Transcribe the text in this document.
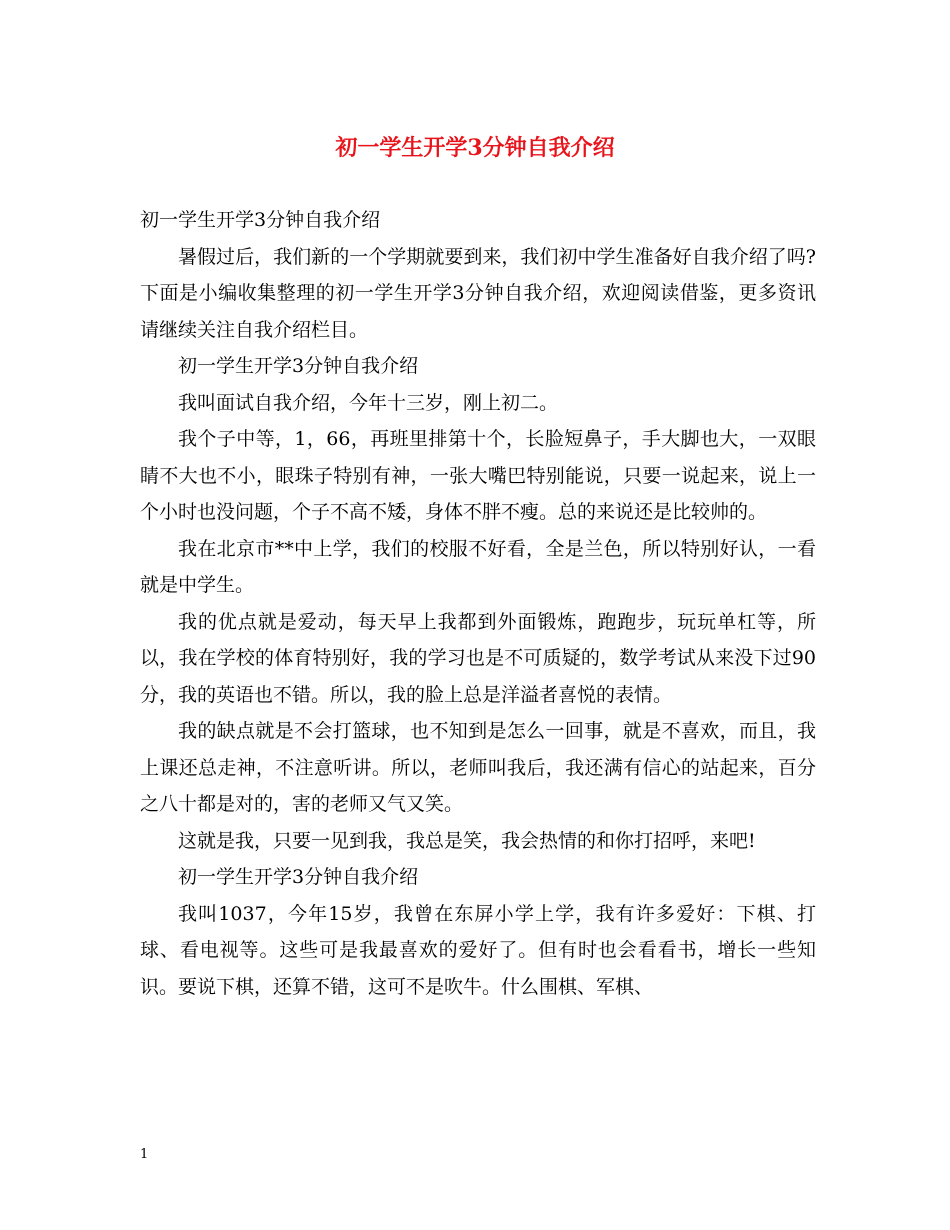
初一学生开学3分钟自我介绍

初一学生开学3分钟自我介绍

暑假过后，我们新的一个学期就要到来，我们初中学生准备好自我介绍了吗?下面是小编收集整理的初一学生开学3分钟自我介绍，欢迎阅读借鉴，更多资讯请继续关注自我介绍栏目。

初一学生开学3分钟自我介绍

我叫面试自我介绍，今年十三岁，刚上初二。

我个子中等，1，66，再班里排第十个，长脸短鼻子，手大脚也大，一双眼睛不大也不小，眼珠子特别有神，一张大嘴巴特别能说，只要一说起来，说上一个小时也没问题，个子不高不矮，身体不胖不瘦。总的来说还是比较帅的。

我在北京市**中上学，我们的校服不好看，全是兰色，所以特别好认，一看就是中学生。

我的优点就是爱动，每天早上我都到外面锻炼，跑跑步，玩玩单杠等，所以，我在学校的体育特别好，我的学习也是不可质疑的，数学考试从来没下过90分，我的英语也不错。所以，我的脸上总是洋溢者喜悦的表情。

我的缺点就是不会打篮球，也不知到是怎么一回事，就是不喜欢，而且，我上课还总走神，不注意听讲。所以，老师叫我后，我还满有信心的站起来，百分之八十都是对的，害的老师又气又笑。

这就是我，只要一见到我，我总是笑，我会热情的和你打招呼，来吧!

初一学生开学3分钟自我介绍

我叫1037，今年15岁，我曾在东屏小学上学，我有许多爱好：下棋、打球、看电视等。这些可是我最喜欢的爱好了。但有时也会看看书，增长一些知识。要说下棋，还算不错，这可不是吹牛。什么围棋、军棋、

1
